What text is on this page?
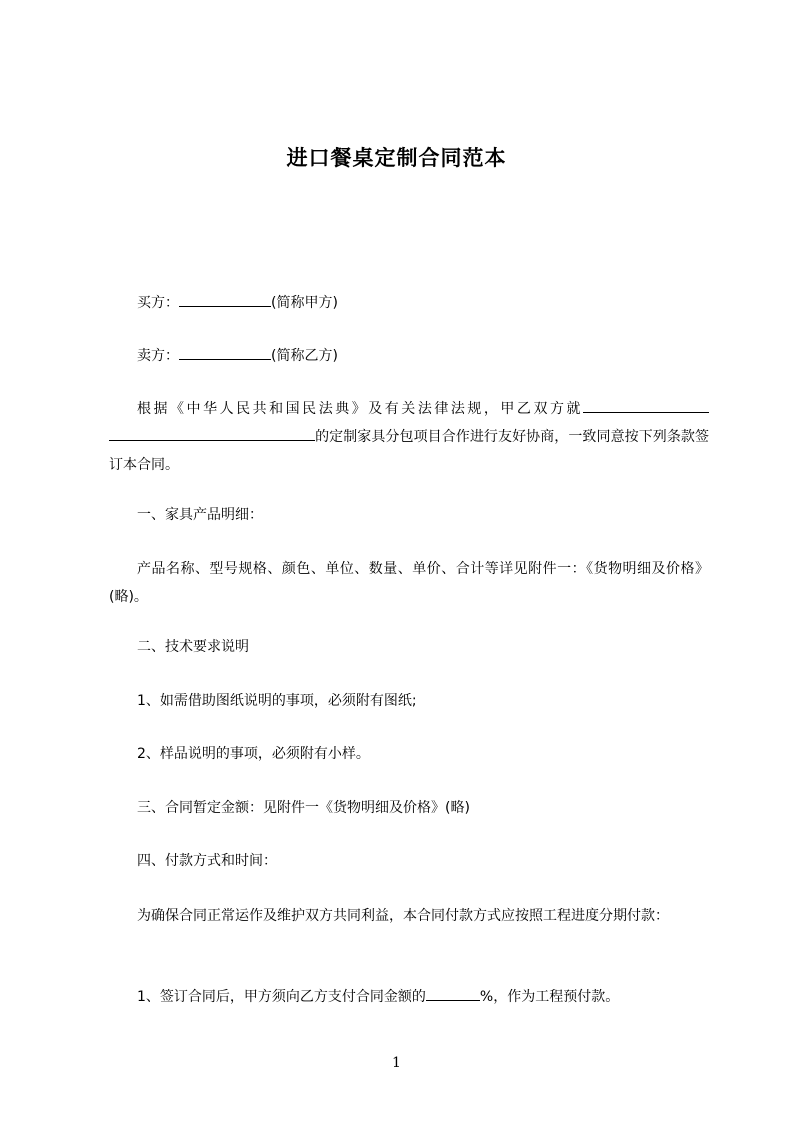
进口餐桌定制合同范本
买方：	(简称甲方)
卖方：	(简称乙方)
根据《中华人民共和国民法典》及有关法律法规，甲乙双方就的定制家具分包项目合作进行友好协商，一致同意按下列条款签订本合同。
一、家具产品明细：
产品名称、型号规格、颜色、单位、数量、单价、合计等详见附件一：《货物明细及价格》(略)。
二、技术要求说明
1、如需借助图纸说明的事项，必须附有图纸;
2、样品说明的事项，必须附有小样。
三、合同暂定金额：见附件一《货物明细及价格》(略)
四、付款方式和时间：
为确保合同正常运作及维护双方共同利益，本合同付款方式应按照工程进度分期付款：
1、签订合同后，甲方须向乙方支付合同金额的	%，作为工程预付款。
1
